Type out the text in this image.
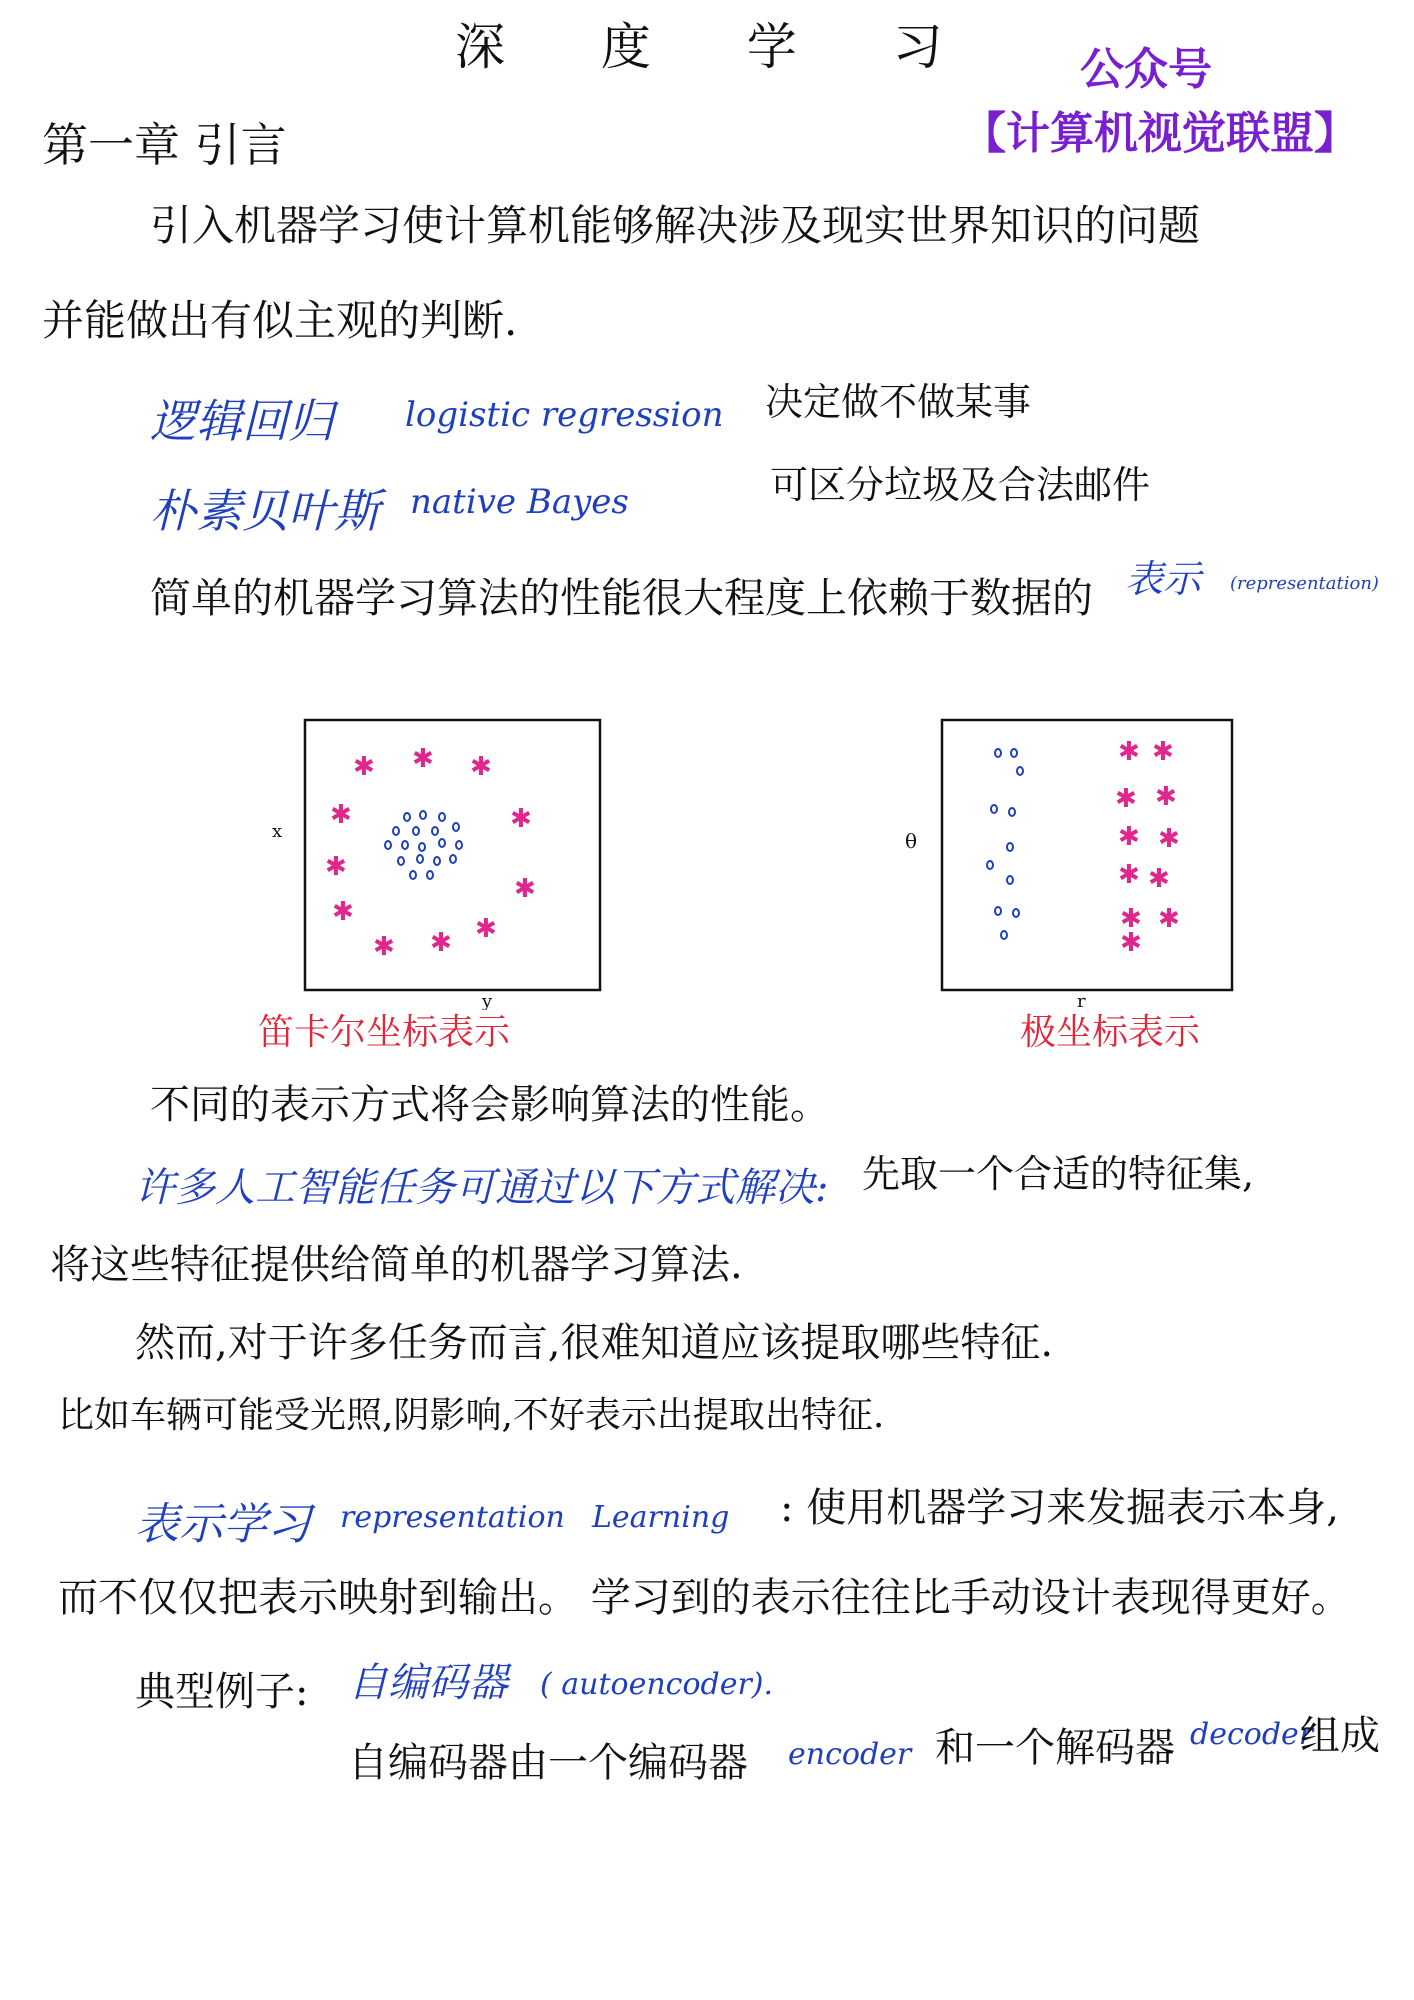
深 度 学 习 公众号
【计算机视觉联盟】
第一章 引言
引入机器学习使计算机能够解决涉及现实世界知识的问题
并能做出有似主观的判断.
逻辑回归 logistic regression 决定做不做某事
朴素贝叶斯 native Bayes	可区分垃圾及合法邮件
简单的机器学习算法的性能很大程度上依赖于数据的 表示 (representation)
x
y
✱ ✱ ✱
✱	✱
✱
✱
✱
✱ ✱ ✱
θ
r
✱ ✱
✱ ✱
✱ ✱
✱ ✱
✱ ✱
✱
笛卡尔坐标表示	极坐标表示
不同的表示方式将会影响算法的性能。
许多人工智能任务可通过以下方式解决: 先取一个合适的特征集,
将这些特征提供给简单的机器学习算法.
然而,对于许多任务而言,很难知道应该提取哪些特征.
比如车辆可能受光照,阴影响,不好表示出提取出特征.
表示学习 representation Learning : 使用机器学习来发掘表示本身,
而不仅仅把表示映射到输出。 学习到的表示往往比手动设计表现得更好。
典型例子: 自编码器 ( autoencoder).
自编码器由一个编码器 encoder 和一个解码器 decoder
组成
